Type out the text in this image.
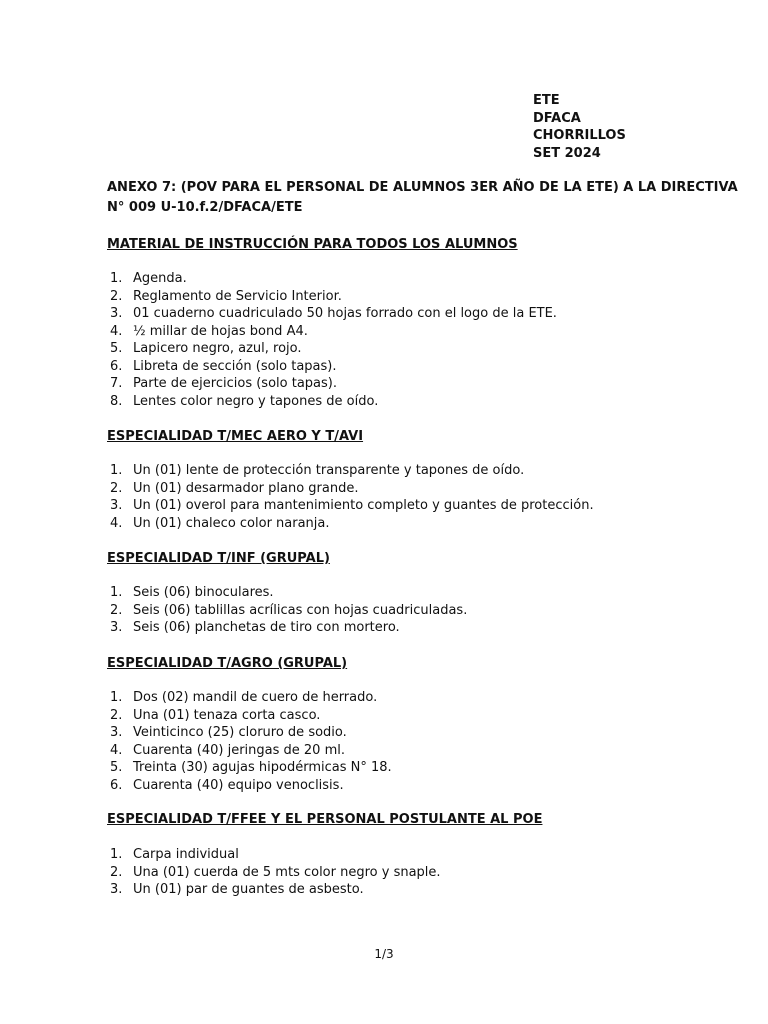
ETE
DFACA
CHORRILLOS
SET 2024
ANEXO 7: (POV PARA EL PERSONAL DE ALUMNOS 3ER AÑO DE LA ETE) A LA DIRECTIVA
N° 009 U-10.f.2/DFACA/ETE
MATERIAL DE INSTRUCCIÓN PARA TODOS LOS ALUMNOS
1. Agenda.
2. Reglamento de Servicio Interior.
3. 01 cuaderno cuadriculado 50 hojas forrado con el logo de la ETE.
4. ½ millar de hojas bond A4.
5. Lapicero negro, azul, rojo.
6. Libreta de sección (solo tapas).
7. Parte de ejercicios (solo tapas).
8. Lentes color negro y tapones de oído.
ESPECIALIDAD T/MEC AERO Y T/AVI
1. Un (01) lente de protección transparente y tapones de oído.
2. Un (01) desarmador plano grande.
3. Un (01) overol para mantenimiento completo y guantes de protección.
4. Un (01) chaleco color naranja.
ESPECIALIDAD T/INF (GRUPAL)
1. Seis (06) binoculares.
2. Seis (06) tablillas acrílicas con hojas cuadriculadas.
3. Seis (06) planchetas de tiro con mortero.
ESPECIALIDAD T/AGRO (GRUPAL)
1. Dos (02) mandil de cuero de herrado.
2. Una (01) tenaza corta casco.
3. Veinticinco (25) cloruro de sodio.
4. Cuarenta (40) jeringas de 20 ml.
5. Treinta (30) agujas hipodérmicas N° 18.
6. Cuarenta (40) equipo venoclisis.
ESPECIALIDAD T/FFEE Y EL PERSONAL POSTULANTE AL POE
1. Carpa individual
2. Una (01) cuerda de 5 mts color negro y snaple.
3. Un (01) par de guantes de asbesto.
1/3
